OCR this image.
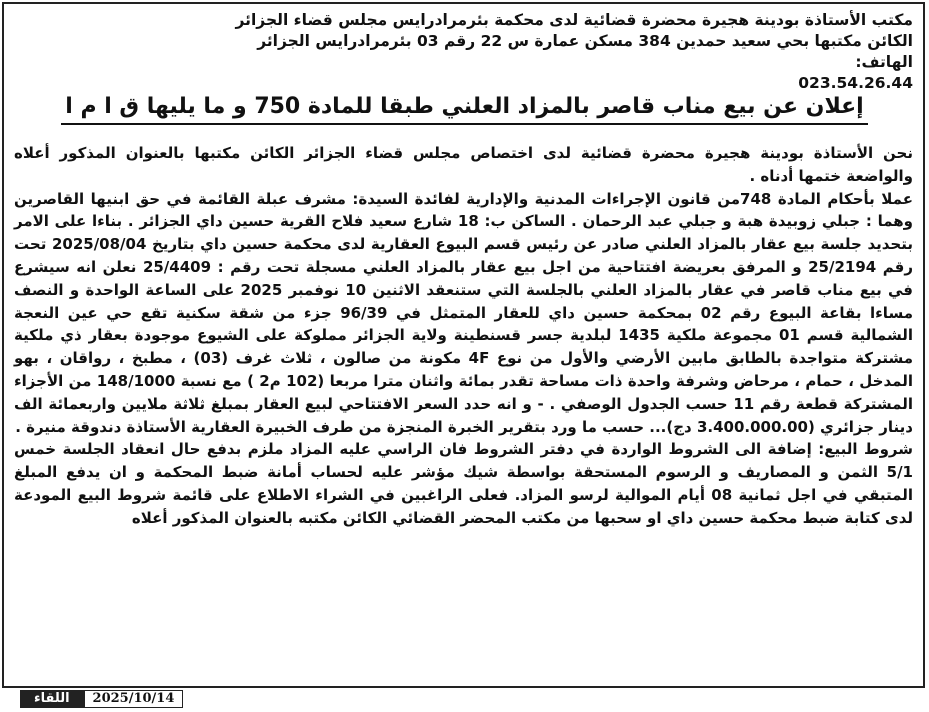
مكتب الأستاذة بودينة هجيرة محضرة قضائية لدى محكمة بئرمرادرايس مجلس قضاء الجزائر
الكائن مكتبها بحي سعيد حمدين 384 مسكن عمارة س 22 رقم 03 بئرمرادرايس الجزائر
الهاتف:
023.54.26.44
إعلان عن بيع مناب قاصر بالمزاد العلني طبقا للمادة 750 و ما يليها ق ا م ا

نحن الأستاذة بودينة هجيرة محضرة قضائية لدى اختصاص مجلس قضاء الجزائر الكائن مكتبها بالعنوان المذكور أعلاه والواضعة ختمها أدناه .

عملا بأحكام المادة 748من قانون الإجراءات المدنية والإدارية لفائدة السيدة: مشرف عبلة القائمة في حق ابنيها القاصرين وهما : جبلي زوبيدة هبة و جبلي عبد الرحمان . الساكن ب: 18 شارع سعيد فلاح القرية حسين داي الجزائر . بناءا على الامر بتحديد جلسة بيع عقار بالمزاد العلني صادر عن رئيس قسم البيوع العقارية لدى محكمة حسين داي بتاريخ 2025/08/04 تحت رقم 25/2194 و المرفق بعريضة افتتاحية من اجل بيع عقار بالمزاد العلني مسجلة تحت رقم : 25/4409 نعلن انه سيشرع في بيع مناب قاصر في عقار بالمزاد العلني بالجلسة التي ستنعقد الاثنين 10 نوفمبر 2025 على الساعة الواحدة و النصف مساءا بقاعة البيوع رقم 02 بمحكمة حسين داي للعقار المتمثل في 96/39 جزء من شقة سكنية تقع حي عين النعجة الشمالية قسم 01 مجموعة ملكية 1435 لبلدية جسر قسنطينة ولاية الجزائر مملوكة على الشيوع موجودة بعقار ذي ملكية مشتركة متواجدة بالطابق مابين الأرضي والأول من نوع 4F مكونة من صالون ، ثلاث غرف (03) ، مطبخ ، رواقان ، بهو المدخل ، حمام ، مرحاض وشرفة واحدة ذات مساحة تقدر بمائة واثنان مترا مربعا (102 م2 ) مع نسبة 148/1000 من الأجزاء المشتركة قطعة رقم 11 حسب الجدول الوصفي . - و انه حدد السعر الافتتاحي لبيع العقار بمبلغ ثلاثة ملايين واربعمائة الف دينار جزائري (3.400.000.00 دج)... حسب ما ورد بتقرير الخبرة المنجزة من طرف الخبيرة العقارية الأستاذة دندوقة منيرة .

شروط البيع: إضافة الى الشروط الواردة في دفتر الشروط فان الراسي عليه المزاد ملزم بدفع حال انعقاد الجلسة خمس 5/1 الثمن و المصاريف و الرسوم المستحقة بواسطة شيك مؤشر عليه لحساب أمانة ضبط المحكمة و ان يدفع المبلغ المتبقي في اجل ثمانية 08 أيام الموالية لرسو المزاد. فعلى الراغبين في الشراء الاطلاع على قائمة شروط البيع المودعة لدى كتابة ضبط محكمة حسين داي او سحبها من مكتب المحضر القضائي الكائن مكتبه بالعنوان المذكور أعلاه

اللقاء	2025/10/14
